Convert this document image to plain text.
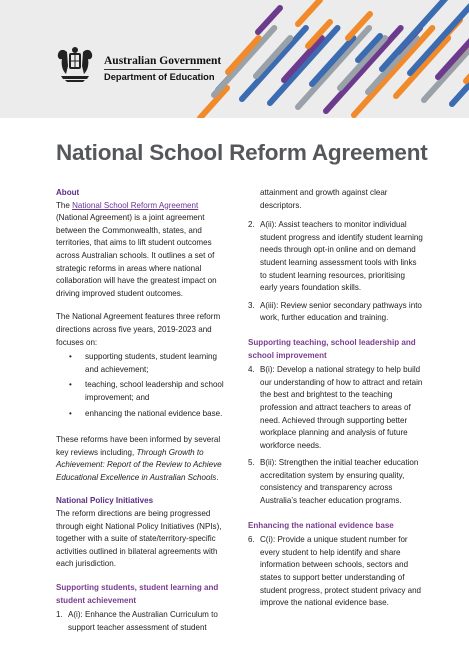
Australian Government
Department of Education
National School Reform Agreement
About

The National School Reform Agreement (National Agreement) is a joint agreement between the Commonwealth, states, and territories, that aims to lift student outcomes across Australian schools. It outlines a set of strategic reforms in areas where national collaboration will have the greatest impact on driving improved student outcomes.

The National Agreement features three reform directions across five years, 2019-2023 and focuses on:

• supporting students, student learning and achievement;
• teaching, school leadership and school improvement; and
• enhancing the national evidence base.

These reforms have been informed by several key reviews including, Through Growth to Achievement: Report of the Review to Achieve Educational Excellence in Australian Schools.

National Policy Initiatives

The reform directions are being progressed through eight National Policy Initiatives (NPIs), together with a suite of state/territory-specific activities outlined in bilateral agreements with each jurisdiction.

Supporting students, student learning and student achievement
1. A(i): Enhance the Australian Curriculum to support teacher assessment of student

attainment and growth against clear descriptors.

2. A(ii): Assist teachers to monitor individual student progress and identify student learning needs through opt-in online and on demand student learning assessment tools with links to student learning resources, prioritising early years foundation skills.
3. A(iii): Review senior secondary pathways into work, further education and training.
Supporting teaching, school leadership and school improvement
4. B(i): Develop a national strategy to help build our understanding of how to attract and retain the best and brightest to the teaching profession and attract teachers to areas of need. Achieved through supporting better workplace planning and analysis of future workforce needs.
5. B(ii): Strengthen the initial teacher education accreditation system by ensuring quality, consistency and transparency across Australia’s teacher education programs.
Enhancing the national evidence base
6. C(i): Provide a unique student number for every student to help identify and share information between schools, sectors and states to support better understanding of student progress, protect student privacy and improve the national evidence base.
